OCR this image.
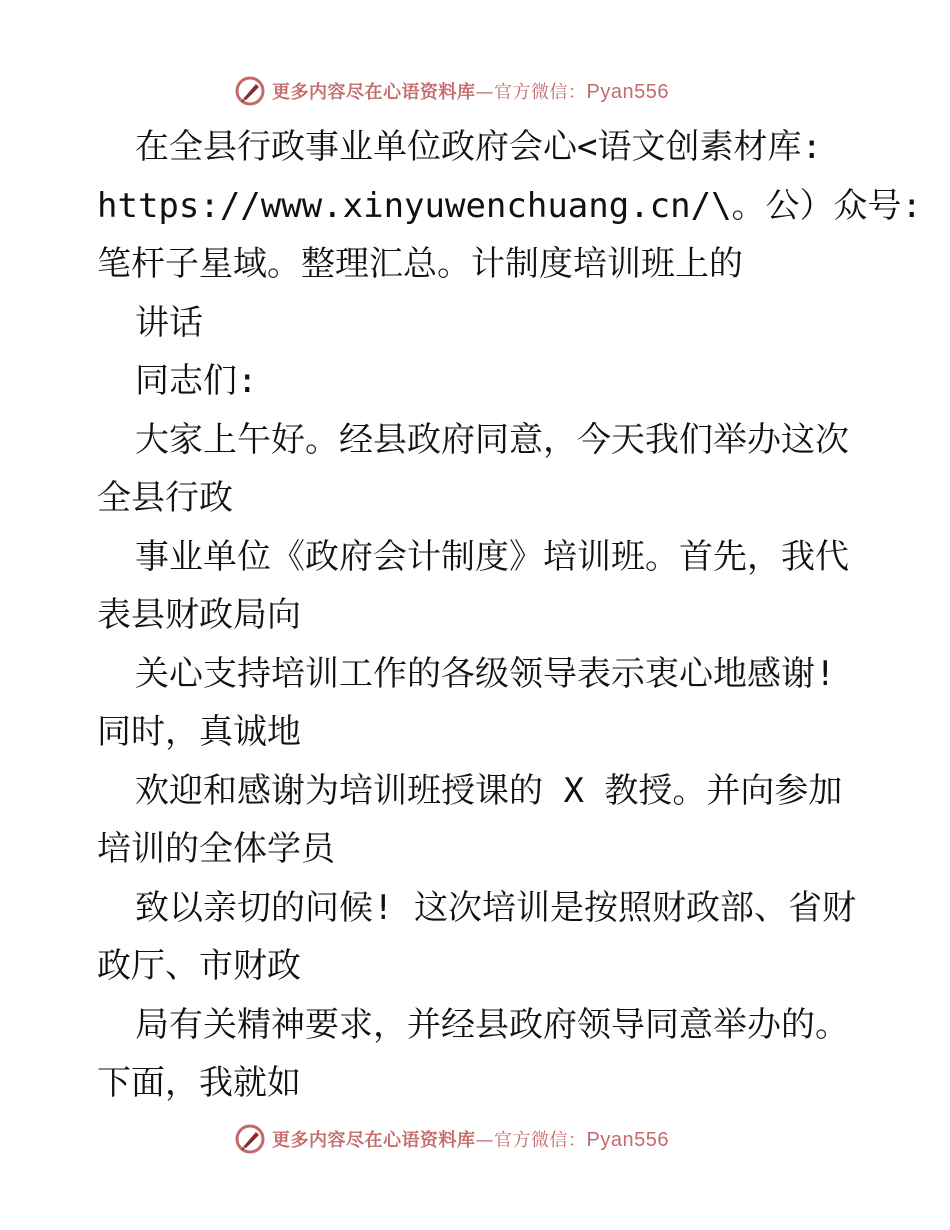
更多内容尽在心语资料库—官方微信：Pyan556
在全县行政事业单位政府会心<语文创素材库:
https://www.xinyuwenchuang.cn/\。公）众号:
笔杆子星域。整理汇总。计制度培训班上的
讲话
同志们:
大家上午好。经县政府同意，今天我们举办这次
全县行政
事业单位《政府会计制度》培训班。首先，我代
表县财政局向
关心支持培训工作的各级领导表示衷心地感谢!
同时，真诚地
欢迎和感谢为培训班授课的 X 教授。并向参加
培训的全体学员
致以亲切的问候! 这次培训是按照财政部、省财
政厅、市财政
局有关精神要求，并经县政府领导同意举办的。
下面，我就如
更多内容尽在心语资料库—官方微信：Pyan556
